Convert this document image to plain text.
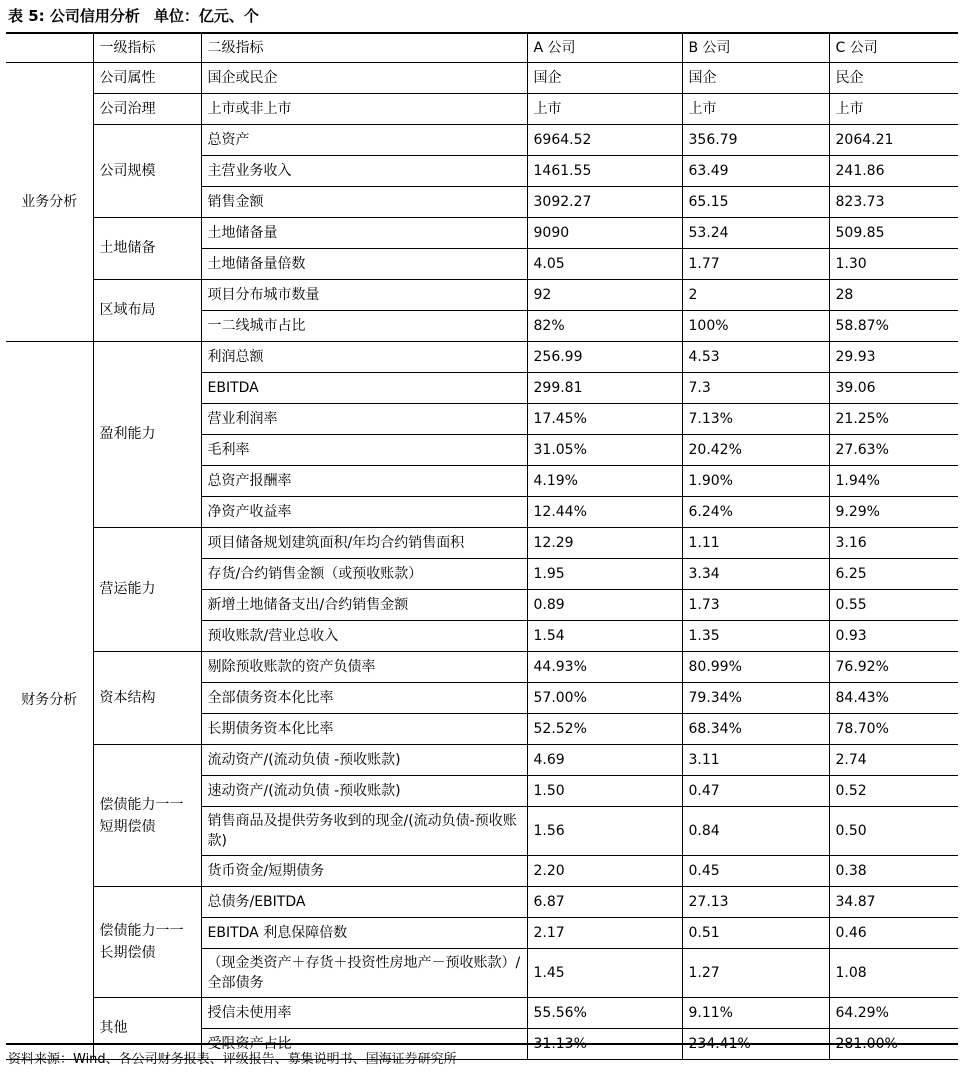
表 5: 公司信用分析 单位：亿元、个
	一级指标	二级指标	A 公司	B 公司	C 公司
业务分析	公司属性	国企或民企	国企	国企	民企
	公司治理	上市或非上市	上市	上市	上市
	公司规模	总资产	6964.52	356.79	2064.21
		主营业务收入	1461.55	63.49	241.86
		销售金额	3092.27	65.15	823.73
	土地储备	土地储备量	9090	53.24	509.85
		土地储备量倍数	4.05	1.77	1.30
	区域布局	项目分布城市数量	92	2	28
		一二线城市占比	82%	100%	58.87%
财务分析	盈利能力	利润总额	256.99	4.53	29.93
		EBITDA	299.81	7.3	39.06
		营业利润率	17.45%	7.13%	21.25%
		毛利率	31.05%	20.42%	27.63%
		总资产报酬率	4.19%	1.90%	1.94%
		净资产收益率	12.44%	6.24%	9.29%
	营运能力	项目储备规划建筑面积/年均合约销售面积	12.29	1.11	3.16
		存货/合约销售金额（或预收账款）	1.95	3.34	6.25
		新增土地储备支出/合约销售金额	0.89	1.73	0.55
		预收账款/营业总收入	1.54	1.35	0.93
	资本结构	剔除预收账款的资产负债率	44.93%	80.99%	76.92%
		全部债务资本化比率	57.00%	79.34%	84.43%
		长期债务资本化比率	52.52%	68.34%	78.70%
	偿债能力一一短期偿债	流动资产/(流动负债 -预收账款)	4.69	3.11	2.74
		速动资产/(流动负债 -预收账款)	1.50	0.47	0.52
		销售商品及提供劳务收到的现金/(流动负债-预收账款)	1.56	0.84	0.50
		货币资金/短期债务	2.20	0.45	0.38
	偿债能力一一长期偿债	总债务/EBITDA	6.87	27.13	34.87
		EBITDA 利息保障倍数	2.17	0.51	0.46
		（现金类资产＋存货＋投资性房地产－预收账款）/全部债务	1.45	1.27	1.08
	其他	授信未使用率	55.56%	9.11%	64.29%
		受限资产占比	31.13%	234.41%	281.00%
资料来源：Wind、各公司财务报表、评级报告、募集说明书、国海证券研究所
